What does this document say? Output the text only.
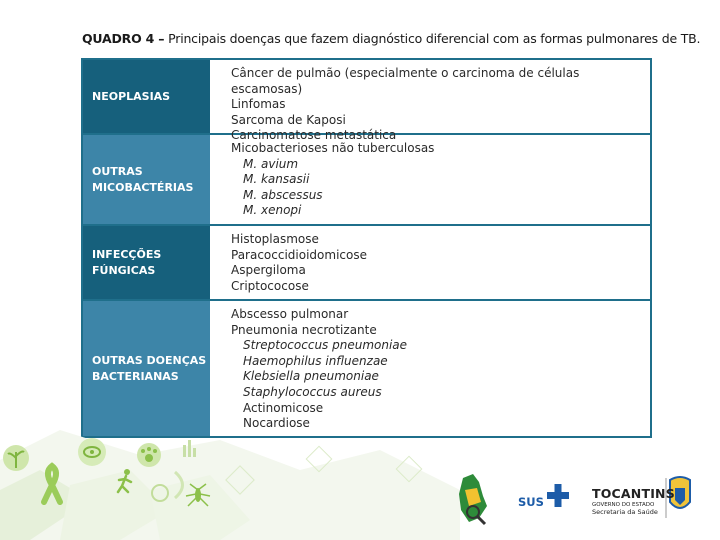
QUADRO 4 – Principais doenças que fazem diagnóstico diferencial com as formas pulmonares de TB.
NEOPLASIAS
Câncer de pulmão (especialmente o carcinoma de células escamosas)
Linfomas
Sarcoma de Kaposi
Carcinomatose metastática
OUTRAS MICOBACTÉRIAS
Micobacterioses não tuberculosas
M. avium
M. kansasii
M. abscessus
M. xenopi
INFECÇÕES FÚNGICAS
Histoplasmose
Paracoccidioidomicose
Aspergiloma
Criptococose
OUTRAS DOENÇAS BACTERIANAS
Abscesso pulmonar
Pneumonia necrotizante
Streptococcus pneumoniae
Haemophilus influenzae
Klebsiella pneumoniae
Staphylococcus aureus
Actinomicose
Nocardiose
SUS
TOCANTINS
GOVERNO DO ESTADO
Secretaria da Saúde
